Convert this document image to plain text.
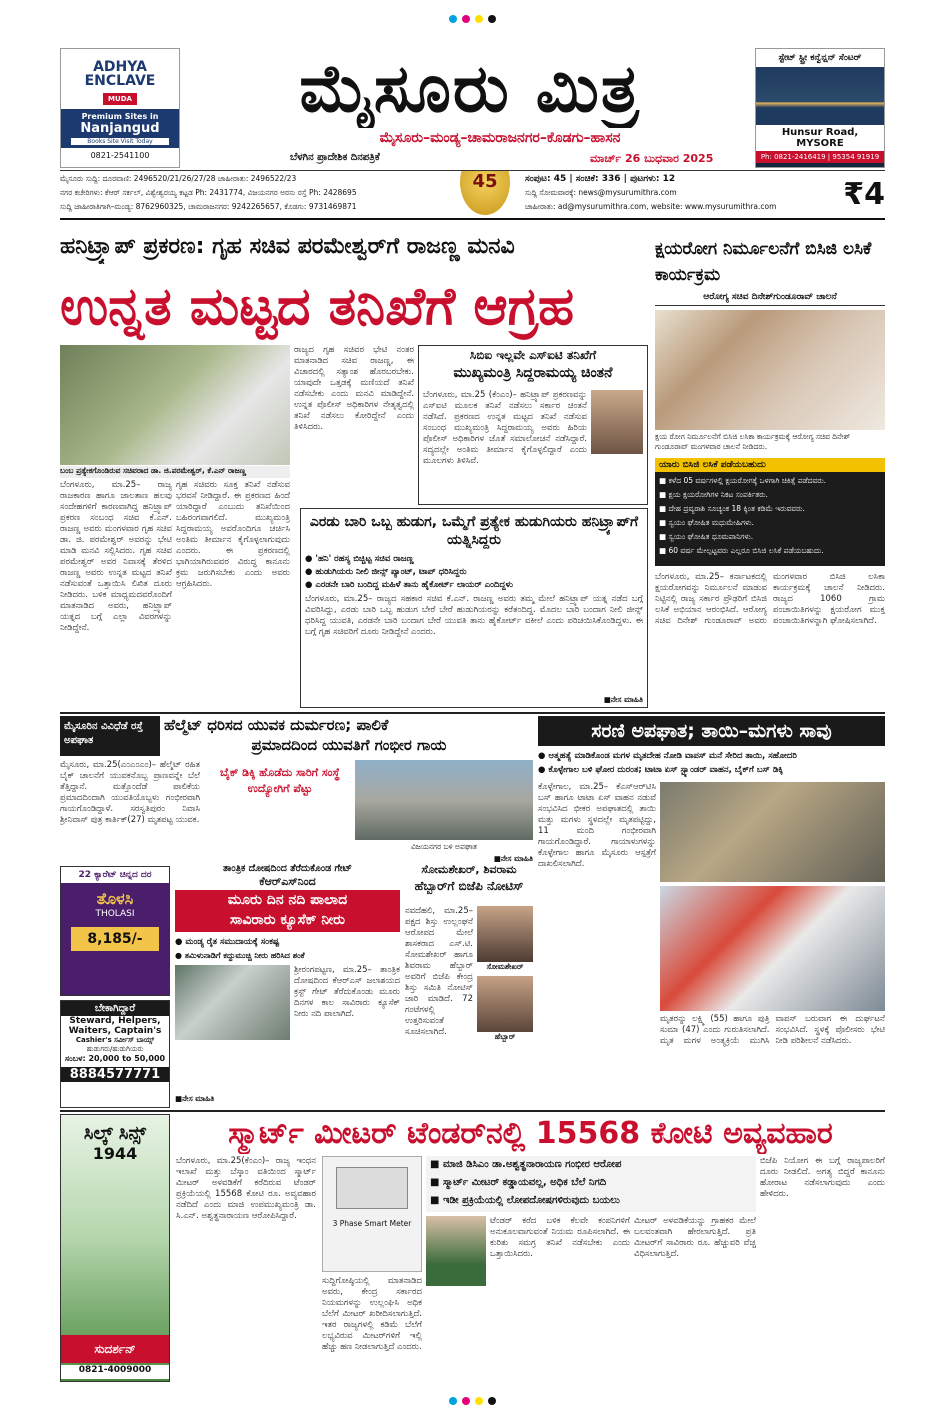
ADHYA
ENCLAVE
MUDA
Premium Sites in
Nanjangud
Books Site Visit Today
0821-2541100
ಮೈಸೂರು ಮಿತ್ರ
ಮೈಸೂರು–ಮಂಡ್ಯ–ಚಾಮರಾಜನಗರ–ಕೊಡಗು–ಹಾಸನ
ಬೆಳಗಿನ ಪ್ರಾದೇಶಿಕ ದಿನಪತ್ರಿಕೆ	ಮಾರ್ಚ್ 26 ಬುಧವಾರ 2025
ಸ್ಟೇಟ್ ಸ್ಟ್ರೀ ಕನ್ವೆನ್ಷನ್ ಸೆಂಟರ್
Hunsur Road, MYSORE
Ph: 0821-2416419 | 95354 91919
ಮೈಸೂರು ಸುದ್ದಿ: ದೂರವಾಣಿ: 2496520/21/26/27/28 ಜಾಹೀರಾತು: 2496522/23
ನಗರ ಕಚೇರಿಗಳು: ಕೆಆರ್ ಸರ್ಕಲ್, ವಿಶ್ವೇಶ್ವರಯ್ಯ ಕಟ್ಟಡ Ph: 2431774, ವಿಜಯನಗರ ಅರಸು ರಸ್ತೆ Ph: 2428695
ಸುದ್ದಿ ಜಾಹೀರಾತಿಗಾಗಿ–ಮಂಡ್ಯ: 8762960325, ಚಾಮರಾಜನಗರ: 9242265657, ಕೊಡಗು: 9731469871
45	ಸಂಪುಟ: 45 | ಸಂಚಿಕೆ: 336 | ಪುಟಗಳು: 12
ಸುದ್ದಿ ಸೋಮವಾರಕ್ಕೆ: news@mysurumithra.com
ಜಾಹೀರಾತು: ad@mysurumithra.com, website: www.mysurumithra.com	₹4
ಹನಿಟ್ರ್ಯಾಪ್ ಪ್ರಕರಣ: ಗೃಹ ಸಚಿವ ಪರಮೇಶ್ವರ್‌ಗೆ ರಾಜಣ್ಣ ಮನವಿ
ಉನ್ನತ ಮಟ್ಟದ ತನಿಖೆಗೆ ಆಗ್ರಹ
ಬಂಬ ಪ್ರತ್ಯೇಕಗೊಂಡಿರುವ ಸಚಿವರಾದ ಡಾ. ಜಿ.ಪರಮೇಶ್ವರ್, ಕೆ.ಎನ್ ರಾಜಣ್ಣ
ಬೆಂಗಳೂರು, ಮಾ.25– ರಾಜ್ಯ ರಾಜಕಾರಣ ಹಾಗೂ ಜಾಲತಾಣ ಹಲವು ಸಂದೇಹಗಳಿಗೆ ಕಾರಣವಾಗಿದ್ದ ಹನಿಟ್ರ್ಯಾಪ್ ಪ್ರಕರಣ ಸಂಬಂಧ ಸಚಿವ ಕೆ.ಎನ್. ರಾಜಣ್ಣ ಅವರು ಮಂಗಳವಾರ ಗೃಹ ಸಚಿವ ಡಾ. ಜಿ. ಪರಮೇಶ್ವರ್ ಅವರನ್ನು ಭೇಟಿ ಮಾಡಿ ಮನವಿ ಸಲ್ಲಿಸಿದರು. ಗೃಹ ಸಚಿವ ಪರಮೇಶ್ವರ್ ಅವರ ನಿವಾಸಕ್ಕೆ ತೆರಳಿದ ರಾಜಣ್ಣ ಅವರು ಉನ್ನತ ಮಟ್ಟದ ತನಿಖೆ ನಡೆಸುವಂತೆ ಒತ್ತಾಯಿಸಿ ಲಿಖಿತ ದೂರು ನೀಡಿದರು. ಬಳಿಕ ಮಾಧ್ಯಮದವರೊಂದಿಗೆ ಮಾತನಾಡಿದ ಅವರು, ಹನಿಟ್ರ್ಯಾಪ್ ಯತ್ನದ ಬಗ್ಗೆ ಎಲ್ಲಾ ವಿವರಗಳನ್ನು ನೀಡಿದ್ದೇನೆ.
ಗೃಹ ಸಚಿವರು ಸೂಕ್ತ ತನಿಖೆ ನಡೆಸುವ ಭರವಸೆ ನೀಡಿದ್ದಾರೆ. ಈ ಪ್ರಕರಣದ ಹಿಂದೆ ಯಾರಿದ್ದಾರೆ ಎಂಬುದು ತನಿಖೆಯಿಂದ ಬಹಿರಂಗವಾಗಲಿದೆ. ಮುಖ್ಯಮಂತ್ರಿ ಸಿದ್ದರಾಮಯ್ಯ ಅವರೊಂದಿಗೂ ಚರ್ಚಿಸಿ ಅಂತಿಮ ತೀರ್ಮಾನ ಕೈಗೊಳ್ಳಲಾಗುವುದು ಎಂದರು. ಈ ಪ್ರಕರಣದಲ್ಲಿ ಭಾಗಿಯಾಗಿರುವವರ ವಿರುದ್ಧ ಕಾನೂನು ಕ್ರಮ ಜರುಗಿಸಬೇಕು ಎಂದು ಅವರು ಆಗ್ರಹಿಸಿದರು.
ರಾಜ್ಯದ ಗೃಹ ಸಚಿವರ ಭೇಟಿ ನಂತರ ಮಾತನಾಡಿದ ಸಚಿವ ರಾಜಣ್ಣ, ಈ ವಿಚಾರದಲ್ಲಿ ಸತ್ಯಾಂಶ ಹೊರಬರಬೇಕು. ಯಾವುದೇ ಒತ್ತಡಕ್ಕೆ ಮಣಿಯದೆ ತನಿಖೆ ನಡೆಸಬೇಕು ಎಂದು ಮನವಿ ಮಾಡಿದ್ದೇನೆ. ಉನ್ನತ ಪೊಲೀಸ್ ಅಧಿಕಾರಿಗಳ ನೇತೃತ್ವದಲ್ಲಿ ತನಿಖೆ ನಡೆಸಲು ಕೋರಿದ್ದೇನೆ ಎಂದು ತಿಳಿಸಿದರು.
ಸಿಬಿಐ ಇಲ್ಲವೇ ಎಸ್‌ಐಟಿ ತನಿಖೆಗೆ
ಮುಖ್ಯಮಂತ್ರಿ ಸಿದ್ದರಾಮಯ್ಯ ಚಿಂತನೆ
ಬೆಂಗಳೂರು, ಮಾ.25 (ಕೆಂಎಂ)– ಹನಿಟ್ರ್ಯಾಪ್ ಪ್ರಕರಣವನ್ನು ಎಸ್‌ಐಟಿ ಮೂಲಕ ತನಿಖೆ ನಡೆಸಲು ಸರ್ಕಾರ ಚಿಂತನೆ ನಡೆಸಿದೆ. ಪ್ರಕರಣದ ಉನ್ನತ ಮಟ್ಟದ ತನಿಖೆ ನಡೆಸುವ ಸಂಬಂಧ ಮುಖ್ಯಮಂತ್ರಿ ಸಿದ್ದರಾಮಯ್ಯ ಅವರು ಹಿರಿಯ ಪೊಲೀಸ್ ಅಧಿಕಾರಿಗಳ ಜೊತೆ ಸಮಾಲೋಚನೆ ನಡೆಸಿದ್ದಾರೆ. ಸದ್ಯದಲ್ಲೇ ಅಂತಿಮ ತೀರ್ಮಾನ ಕೈಗೊಳ್ಳಲಿದ್ದಾರೆ ಎಂದು ಮೂಲಗಳು ತಿಳಿಸಿವೆ.
ಎರಡು ಬಾರಿ ಒಬ್ಬ ಹುಡುಗ, ಒಮ್ಮೆಗೆ ಪ್ರತ್ಯೇಕ ಹುಡುಗಿಯರು ಹನಿಟ್ರ್ಯಾಪ್‌ಗೆ ಯತ್ನಿಸಿದ್ದರು
● 'ಹನಿ' ರಹಸ್ಯ ಬಿಚ್ಚಿಟ್ಟ ಸಚಿವ ರಾಜಣ್ಣ
● ಹುಡುಗಿಯರು ನೀಲಿ ಜೀನ್ಸ್ ಪ್ಯಾಂಟ್, ಟಾಪ್ ಧರಿಸಿದ್ದರು
● ಎರಡನೇ ಬಾರಿ ಬಂದಿದ್ದ ಮಹಿಳೆ ತಾನು ಹೈಕೋರ್ಟ್ ಲಾಯರ್ ಎಂದಿದ್ದಳು
ಬೆಂಗಳೂರು, ಮಾ.25– ರಾಜ್ಯದ ಸಹಕಾರ ಸಚಿವ ಕೆ.ಎನ್. ರಾಜಣ್ಣ ಅವರು ತಮ್ಮ ಮೇಲೆ ಹನಿಟ್ರ್ಯಾಪ್ ಯತ್ನ ನಡೆದ ಬಗ್ಗೆ ವಿವರಿಸಿದ್ದು, ಎರಡು ಬಾರಿ ಒಬ್ಬ ಹುಡುಗ ಬೇರೆ ಬೇರೆ ಹುಡುಗಿಯರನ್ನು ಕರೆತಂದಿದ್ದ. ಮೊದಲ ಬಾರಿ ಬಂದಾಗ ನೀಲಿ ಜೀನ್ಸ್ ಧರಿಸಿದ್ದ ಯುವತಿ, ಎರಡನೇ ಬಾರಿ ಬಂದಾಗ ಬೇರೆ ಯುವತಿ ತಾನು ಹೈಕೋರ್ಟ್ ವಕೀಲೆ ಎಂದು ಪರಿಚಯಿಸಿಕೊಂಡಿದ್ದಳು. ಈ ಬಗ್ಗೆ ಗೃಹ ಸಚಿವರಿಗೆ ದೂರು ನೀಡಿದ್ದೇನೆ ಎಂದರು.
■ನೇಸ ಮಾಹಿತಿ
ಕ್ಷಯರೋಗ ನಿರ್ಮೂಲನೆಗೆ ಬಿಸಿಜಿ ಲಸಿಕೆ ಕಾರ್ಯಕ್ರಮ
ಆರೋಗ್ಯ ಸಚಿವ ದಿನೇಶ್‌ಗುಂಡೂರಾವ್ ಚಾಲನೆ
ಕ್ಷಯ ರೋಗ ನಿರ್ಮೂಲನೆಗೆ ಬಿಸಿಜಿ ಲಸಿಕಾ ಕಾರ್ಯಕ್ರಮಕ್ಕೆ ಆರೋಗ್ಯ ಸಚಿವ ದಿನೇಶ್ ಗುಂಡೂರಾವ್ ಮಂಗಳವಾರ ಚಾಲನೆ ನೀಡಿದರು.
ಯಾರು ಬಿಸಿಜಿ ಲಸಿಕೆ ಪಡೆಯಬಹುದು
■ ಕಳೆದ 05 ವರ್ಷಗಳಲ್ಲಿ ಕ್ಷಯರೋಗಕ್ಕೆ ಒಳಗಾಗಿ ಚಿಕಿತ್ಸೆ ಪಡೆದವರು.
■ ಕ್ಷಯ ಕ್ಷಯರೋಗಿಗಳ ನಿಕಟ ಸಂಪರ್ಕಿತರು.
■ ದೇಹ ದ್ರವ್ಯರಾಶಿ ಸೂಚ್ಯಂಕ 18 ಕ್ಕಿಂತ ಕಡಿಮೆ ಇರುವವರು.
■ ಸ್ವಯಂ ಘೋಷಿತ ಮಧುಮೇಹಿಗಳು.
■ ಸ್ವಯಂ ಘೋಷಿತ ಧೂಮಪಾನಿಗಳು.
■ 60 ವರ್ಷ ಮೇಲ್ಪಟ್ಟವರು ಎಲ್ಲರೂ ಬಿಸಿಜಿ ಲಸಿಕೆ ಪಡೆಯಬಹುದು.
ಬೆಂಗಳೂರು, ಮಾ.25– ಕರ್ನಾಟಕದಲ್ಲಿ ಕ್ಷಯರೋಗವನ್ನು ನಿರ್ಮೂಲನೆ ಮಾಡುವ ನಿಟ್ಟಿನಲ್ಲಿ ರಾಜ್ಯ ಸರ್ಕಾರ ಪ್ರೌಢರಿಗೆ ಬಿಸಿಜಿ ಲಸಿಕೆ ಅಭಿಯಾನ ಆರಂಭಿಸಿದೆ. ಆರೋಗ್ಯ ಸಚಿವ ದಿನೇಶ್ ಗುಂಡೂರಾವ್ ಅವರು ಮಂಗಳವಾರ ಬಿಸಿಜಿ ಲಸಿಕಾ ಕಾರ್ಯಕ್ರಮಕ್ಕೆ ಚಾಲನೆ ನೀಡಿದರು. ರಾಜ್ಯದ 1060 ಗ್ರಾಮ ಪಂಚಾಯಿತಿಗಳನ್ನು ಕ್ಷಯರೋಗ ಮುಕ್ತ ಪಂಚಾಯಿತಿಗಳನ್ನಾಗಿ ಘೋಷಿಸಲಾಗಿದೆ.
ಮೈಸೂರಿನ ವಿವಿಧೆಡೆ ರಸ್ತೆ ಅಪಘಾತ
ಹೆಲ್ಮೆಟ್ ಧರಿಸದ ಯುವಕ ದುರ್ಮರಣ; ಪಾಲಿಕೆ
ಪ್ರಮಾದದಿಂದ ಯುವತಿಗೆ ಗಂಭೀರ ಗಾಯ
ಮೈಸೂರು, ಮಾ.25(ಎಂಎಂಎಂ)– ಹೆಲ್ಮೆಟ್ ರಹಿತ ಬೈಕ್ ಚಾಲನೆಗೆ ಯುವಕನೊಬ್ಬ ಪ್ರಾಣವನ್ನೇ ಬೆಲೆ ತೆತ್ತಿದ್ದಾನೆ. ಮತ್ತೊಂದೆಡೆ ಪಾಲಿಕೆಯ ಪ್ರಮಾದದಿಂದಾಗಿ ಯುವತಿಯೊಬ್ಬಳು ಗಂಭೀರವಾಗಿ ಗಾಯಗೊಂಡಿದ್ದಾಳೆ. ಸರಸ್ವತಿಪುರಂ ನಿವಾಸಿ ಶ್ರೀನಿವಾಸ್ ಪುತ್ರ ಕಾರ್ತಿಕ್(27) ಮೃತಪಟ್ಟ ಯುವಕ.
ಬೈಕ್ ಡಿಕ್ಕಿ ಹೊಡೆದು ಸಾರಿಗೆ ಸಂಸ್ಥೆ ಉದ್ಯೋಗಿಗೆ ಪೆಟ್ಟು
ವಿಜಯನಗರ ಬಳಿ ಅಪಘಾತ
■ನೇಸ ಮಾಹಿತಿ
ಸರಣಿ ಅಪಘಾತ; ತಾಯಿ–ಮಗಳು ಸಾವು
● ಆತ್ಮಹತ್ಯೆ ಮಾಡಿಕೊಂಡ ಮಗಳ ಮೃತದೇಹ ನೋಡಿ ವಾಪಸ್ ಮನೆ ಸೇರಿದ ತಾಯಿ, ಸಹೋದರಿ
● ಕೊಳ್ಳೇಗಾಲ ಬಳಿ ಘೋರ ದುರಂತ; ಟಾಟಾ ಏಸ್ ಸ್ಟ್ಯಾಂಡರ್ ವಾಹನ, ಬೈಕ್‌ಗೆ ಬಸ್ ಡಿಕ್ಕಿ
ಕೊಳ್ಳೇಗಾಲ, ಮಾ.25– ಕೆಎಸ್ಆರ್‌ಟಿಸಿ ಬಸ್ ಹಾಗೂ ಟಾಟಾ ಏಸ್ ವಾಹನ ನಡುವೆ ಸಂಭವಿಸಿದ ಭೀಕರ ಅಪಘಾತದಲ್ಲಿ ತಾಯಿ ಮತ್ತು ಮಗಳು ಸ್ಥಳದಲ್ಲೇ ಮೃತಪಟ್ಟಿದ್ದು, 11 ಮಂದಿ ಗಂಭೀರವಾಗಿ ಗಾಯಗೊಂಡಿದ್ದಾರೆ. ಗಾಯಾಳುಗಳನ್ನು ಕೊಳ್ಳೇಗಾಲ ಹಾಗೂ ಮೈಸೂರು ಆಸ್ಪತ್ರೆಗೆ ದಾಖಲಿಸಲಾಗಿದೆ.
ಮೃತರನ್ನು ಲಕ್ಷ್ಮಿ (55) ಹಾಗೂ ಪುತ್ರಿ ಸುಮಾ (47) ಎಂದು ಗುರುತಿಸಲಾಗಿದೆ. ಮೃತ ಮಗಳ ಅಂತ್ಯಕ್ರಿಯೆ ಮುಗಿಸಿ ವಾಪಸ್ ಬರುವಾಗ ಈ ದುರ್ಘಟನೆ ಸಂಭವಿಸಿದೆ. ಸ್ಥಳಕ್ಕೆ ಪೊಲೀಸರು ಭೇಟಿ ನೀಡಿ ಪರಿಶೀಲನೆ ನಡೆಸಿದರು.
22 ಕ್ಯಾರೆಟ್ ಚಿನ್ನದ ದರ
ತೊಳಸಿ
THOLASI
8,185/-
ಬೇಕಾಗಿದ್ದಾರೆ
Steward, Helpers,
Waiters, Captain's
Cashier's ಸರ್ವೀಸ್ ಬಾಯ್ಸ್
ಹುಡುಗರು/ಹುಡುಗಿಯರು
ಸಂಬಳ: 20,000 to 50,000
8884577771
ತಾಂತ್ರಿಕ ದೋಷದಿಂದ ತೆರೆದುಕೊಂಡ ಗೇಟ್
ಕೆಆರ್‌ಎಸ್‌ನಿಂದ
ಮೂರು ದಿನ ನದಿ ಪಾಲಾದ
ಸಾವಿರಾರು ಕ್ಯೂಸೆಕ್ ನೀರು
● ಮಂಡ್ಯ ರೈತ ಸಮುದಾಯಕ್ಕೆ ಸಂಕಷ್ಟ
● ತಮಿಳುನಾಡಿಗೆ ಕದ್ದುಮುಚ್ಚಿ ನೀರು ಹರಿಸಿದ ಶಂಕೆ
ಶ್ರೀರಂಗಪಟ್ಟಣ, ಮಾ.25– ತಾಂತ್ರಿಕ ದೋಷದಿಂದ ಕೆಆರ್‌ಎಸ್ ಜಲಾಶಯದ ಕ್ರಸ್ಟ್ ಗೇಟ್ ತೆರೆದುಕೊಂಡು ಮೂರು ದಿನಗಳ ಕಾಲ ಸಾವಿರಾರು ಕ್ಯೂಸೆಕ್ ನೀರು ನದಿ ಪಾಲಾಗಿದೆ.
■ನೇಸ ಮಾಹಿತಿ
ಸೋಮಶೇಖರ್, ಶಿವರಾಮ
ಹೆಬ್ಬಾರ್‌ಗೆ ಬಿಜೆಪಿ ನೋಟಿಸ್
ನವದೆಹಲಿ, ಮಾ.25– ಪಕ್ಷದ ಶಿಸ್ತು ಉಲ್ಲಂಘನೆ ಆರೋಪದ ಮೇಲೆ ಶಾಸಕರಾದ ಎಸ್.ಟಿ. ಸೋಮಶೇಖರ್ ಹಾಗೂ ಶಿವರಾಮ ಹೆಬ್ಬಾರ್ ಅವರಿಗೆ ಬಿಜೆಪಿ ಕೇಂದ್ರ ಶಿಸ್ತು ಸಮಿತಿ ನೋಟಿಸ್ ಜಾರಿ ಮಾಡಿದೆ. 72 ಗಂಟೆಗಳಲ್ಲಿ ಉತ್ತರಿಸುವಂತೆ ಸೂಚಿಸಲಾಗಿದೆ.
ಸೋಮಶೇಖರ್
ಹೆಬ್ಬಾರ್
ಸಿಲ್ಕ್ ಸಿನ್ಸ್
1944
ಸುದರ್ಶನ್
0821-4009000
ಸ್ಮಾರ್ಟ್ ಮೀಟರ್ ಟೆಂಡರ್‌ನಲ್ಲಿ 15568 ಕೋಟಿ ಅವ್ಯವಹಾರ
ಬೆಂಗಳೂರು, ಮಾ.25(ಕೆಂಎಂ)– ರಾಜ್ಯ ಇಂಧನ ಇಲಾಖೆ ಮತ್ತು ಬೆಸ್ಕಾಂ ವತಿಯಿಂದ ಸ್ಮಾರ್ಟ್ ಮೀಟರ್ ಅಳವಡಿಕೆಗೆ ಕರೆದಿರುವ ಟೆಂಡರ್ ಪ್ರಕ್ರಿಯೆಯಲ್ಲಿ 15568 ಕೋಟಿ ರೂ. ಅವ್ಯವಹಾರ ನಡೆದಿದೆ ಎಂದು ಮಾಜಿ ಉಪಮುಖ್ಯಮಂತ್ರಿ ಡಾ. ಸಿ.ಎನ್. ಅಶ್ವತ್ಥನಾರಾಯಣ ಆರೋಪಿಸಿದ್ದಾರೆ.
3 Phase Smart Meter
ಸುದ್ದಿಗೋಷ್ಠಿಯಲ್ಲಿ ಮಾತನಾಡಿದ ಅವರು, ಕೇಂದ್ರ ಸರ್ಕಾರದ ನಿಯಮಗಳನ್ನು ಉಲ್ಲಂಘಿಸಿ ಅಧಿಕ ಬೆಲೆಗೆ ಮೀಟರ್ ಖರೀದಿಸಲಾಗುತ್ತಿದೆ. ಇತರ ರಾಜ್ಯಗಳಲ್ಲಿ ಕಡಿಮೆ ಬೆಲೆಗೆ ಲಭ್ಯವಿರುವ ಮೀಟರ್‌ಗಳಿಗೆ ಇಲ್ಲಿ ಹೆಚ್ಚು ಹಣ ನೀಡಲಾಗುತ್ತಿದೆ ಎಂದರು.
■ ಮಾಜಿ ಡಿಸಿಎಂ ಡಾ.ಅಶ್ವತ್ಥನಾರಾಯಣ ಗಂಭೀರ ಆರೋಪ
■ ಸ್ಮಾರ್ಟ್ ಮೀಟರ್ ಕಡ್ಡಾಯವಲ್ಲ, ಅಧಿಕ ಬೆಲೆ ನಿಗದಿ
■ ಇಡೀ ಪ್ರಕ್ರಿಯೆಯಲ್ಲಿ ಲೋಪದೋಷಗಳಿರುವುದು ಬಯಲು
ಟೆಂಡರ್ ಕರೆದ ಬಳಿಕ ಕೆಲವೇ ಕಂಪನಿಗಳಿಗೆ ಅನುಕೂಲವಾಗುವಂತೆ ನಿಯಮ ರೂಪಿಸಲಾಗಿದೆ. ಈ ಕುರಿತು ಸಮಗ್ರ ತನಿಖೆ ನಡೆಸಬೇಕು ಎಂದು ಒತ್ತಾಯಿಸಿದರು.
ಮೀಟರ್ ಅಳವಡಿಕೆಯನ್ನು ಗ್ರಾಹಕರ ಮೇಲೆ ಬಲವಂತವಾಗಿ ಹೇರಲಾಗುತ್ತಿದೆ. ಪ್ರತಿ ಮೀಟರ್‌ಗೆ ಸಾವಿರಾರು ರೂ. ಹೆಚ್ಚುವರಿ ವೆಚ್ಚ ವಿಧಿಸಲಾಗುತ್ತಿದೆ.
ಬಿಜೆಪಿ ನಿಯೋಗ ಈ ಬಗ್ಗೆ ರಾಜ್ಯಪಾಲರಿಗೆ ದೂರು ನೀಡಲಿದೆ. ಅಗತ್ಯ ಬಿದ್ದರೆ ಕಾನೂನು ಹೋರಾಟ ನಡೆಸಲಾಗುವುದು ಎಂದು ಹೇಳಿದರು.
